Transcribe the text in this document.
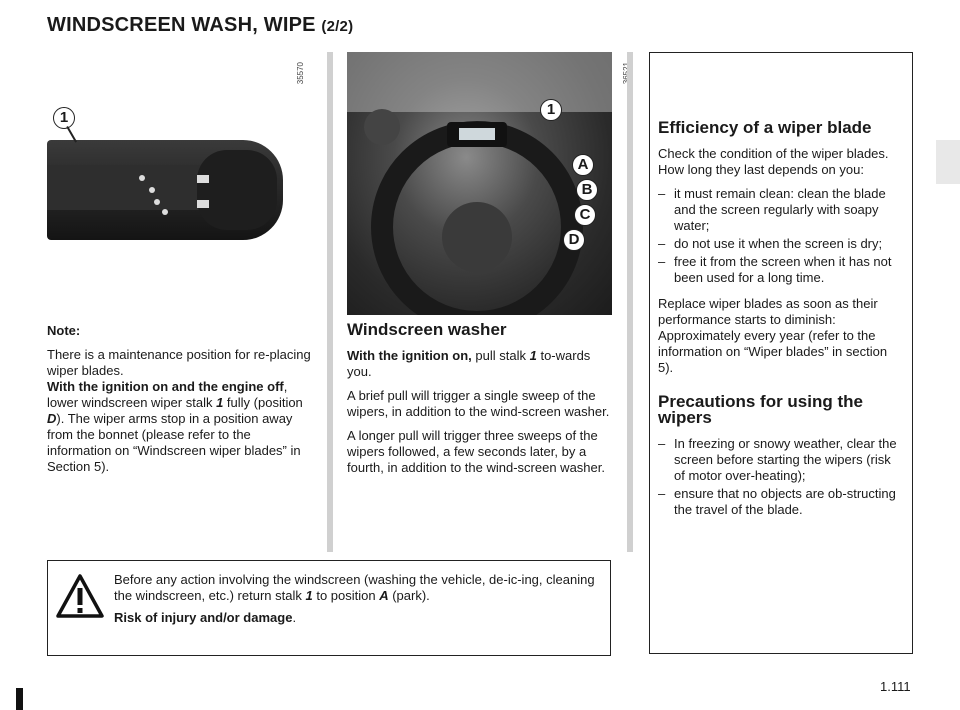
WINDSCREEN WASH, WIPE (2/2)
1
35570
1
A
B
C
D
Note:

There is a maintenance position for re-placing wiper blades.

With the ignition on and the engine off, lower windscreen wiper stalk 1 fully (position D). The wiper arms stop in a position away from the bonnet (please refer to the information on “Windscreen wiper blades” in Section 5).

Windscreen washer

With the ignition on, pull stalk 1 to-wards you.

A brief pull will trigger a single sweep of the wipers, in addition to the wind-screen washer.

A longer pull will trigger three sweeps of the wipers followed, a few seconds later, by a fourth, in addition to the wind-screen washer.

Efficiency of a wiper blade

Check the condition of the wiper blades. How long they last depends on you:

– it must remain clean: clean the blade and the screen regularly with soapy water;
– do not use it when the screen is dry;
– free it from the screen when it has not been used for a long time.

Replace wiper blades as soon as their performance starts to diminish: Approximately every year (refer to the information on “Wiper blades” in section 5).

Precautions for using the wipers
– In freezing or snowy weather, clear the screen before starting the wipers (risk of motor over-heating);
– ensure that no objects are ob-structing the travel of the blade.

Before any action involving the windscreen (washing the vehicle, de-ic-ing, cleaning the windscreen, etc.) return stalk 1 to position A (park).

Risk of injury and/or damage.

1.111
